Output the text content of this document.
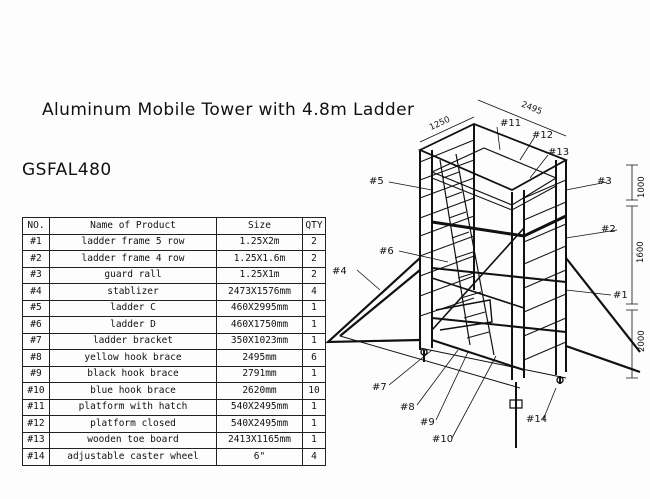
Aluminum Mobile Tower with 4.8m Ladder
GSFAL480
NO.	Name of Product	Size	QTY
#1	ladder frame 5 row	1.25X2m	2
#2	ladder frame 4 row	1.25X1.6m	2
#3	guard rall	1.25X1m	2
#4	stablizer	2473X1576mm	4
#5	ladder C	460X2995mm	1
#6	ladder D	460X1750mm	1
#7	ladder bracket	350X1023mm	1
#8	yellow hook brace	2495mm	6
#9	black hook brace	2791mm	1
#10	blue hook brace	2620mm	10
#11	platform with hatch	540X2495mm	1
#12	platform closed	540X2495mm	1
#13	wooden toe board	2413X1165mm	1
#14	adjustable caster wheel	6"	4
#1
#2
#3
#4
#5
#6
#7
#8
#9
#10
#11
#12
#13
#14
1250
2495
1000
1600
2000
